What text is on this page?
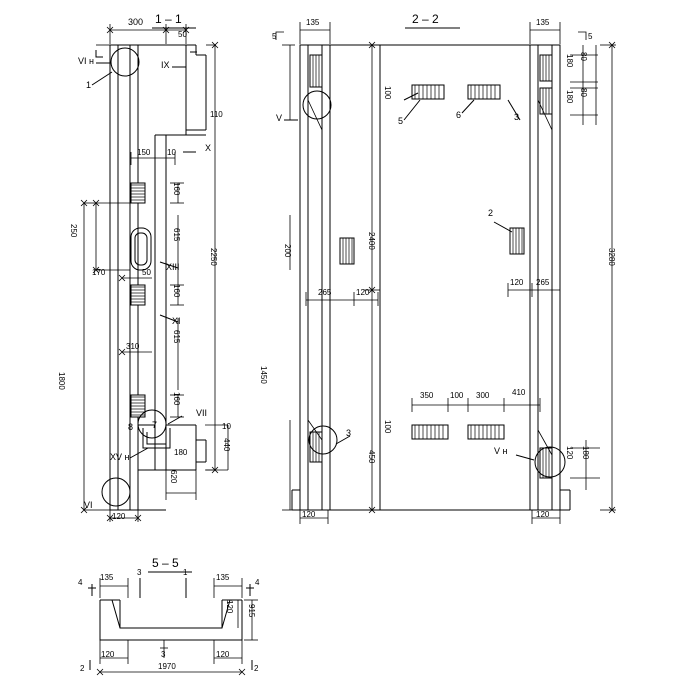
1 – 1
300
50
VI н	IX
1
110
X
150 10
160
615
160
615
160
10
180
50
310
170
XIII
XI
VII
XV н
VI
7
8
2250
440
620
250
1800
120
2 – 2
135
5
135
5
V	5
6	3
2
3
V н
100
200
2400
1450
100
450
3280
180 80
180 80
120 180
265	120
120 265
350 100 300	410
120	120
5 – 5
4
135
3	1
135
4
120 915
120	3	120
1970
2	2
